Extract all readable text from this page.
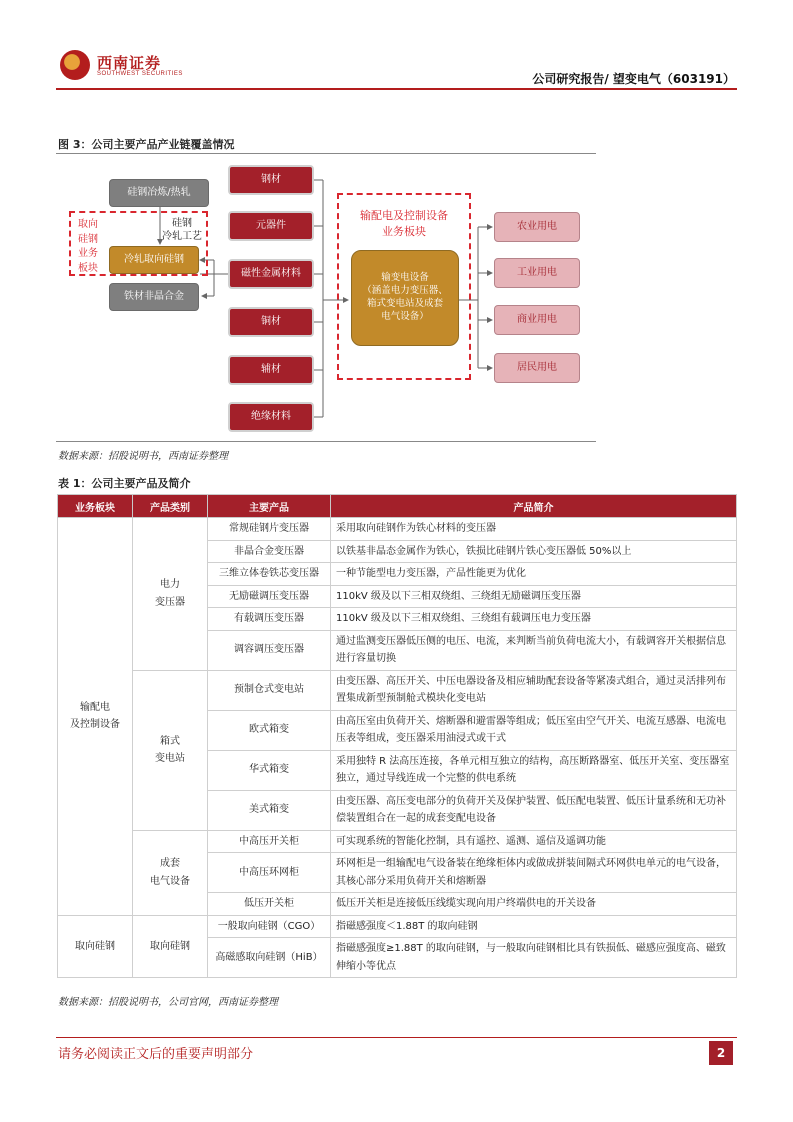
西南证券
SOUTHWEST SECURITIES	公司研究报告/ 望变电气（603191）
图 3：公司主要产品产业链覆盖情况
硅钢冶炼/热轧
取向
硅钢
业务
板块
硅钢
冷轧工艺
冷轧取向硅钢
铁材非晶合金
钢材
元器件
磁性金属材料
铜材
辅材
绝缘材料
输配电及控制设备
业务板块
输变电设备
（涵盖电力变压器、
箱式变电站及成套
电气设备）
农业用电
工业用电
商业用电
居民用电
数据来源：招股说明书，西南证券整理
表 1：公司主要产品及简介
业务板块	产品类别	主要产品	产品简介
输配电
及控制设备	电力
变压器	常规硅钢片变压器	采用取向硅钢作为铁心材料的变压器
		非晶合金变压器	以铁基非晶态金属作为铁心，铁损比硅钢片铁心变压器低 50%以上
		三维立体卷铁芯变压器	一种节能型电力变压器，产品性能更为优化
		无励磁调压变压器	110kV 级及以下三相双绕组、三绕组无励磁调压变压器
		有载调压变压器	110kV 级及以下三相双绕组、三绕组有载调压电力变压器
		调容调压变压器	通过监测变压器低压侧的电压、电流，来判断当前负荷电流大小，有载调容开关根据信息进行容量切换
	箱式
变电站	预制仓式变电站	由变压器、高压开关、中压电器设备及相应辅助配套设备等紧凑式组合，通过灵活排列布置集成新型预制舱式模块化变电站
		欧式箱变	由高压室由负荷开关、熔断器和避雷器等组成；低压室由空气开关、电流互感器、电流电压表等组成，变压器采用油浸式或干式
		华式箱变	采用独特 R 法高压连接，各单元相互独立的结构，高压断路器室、低压开关室、变压器室独立，通过导线连成一个完整的供电系统
		美式箱变	由变压器、高压变电部分的负荷开关及保护装置、低压配电装置、低压计量系统和无功补偿装置组合在一起的成套变配电设备
	成套
电气设备	中高压开关柜	可实现系统的智能化控制，具有遥控、遥测、遥信及遥调功能
		中高压环网柜	环网柜是一组输配电气设备装在绝缘柜体内或做成拼装间隔式环网供电单元的电气设备，其核心部分采用负荷开关和熔断器
		低压开关柜	低压开关柜是连接低压线缆实现向用户终端供电的开关设备
取向硅钢	取向硅钢	一般取向硅钢（CGO）	指磁感强度＜1.88T 的取向硅钢
		高磁感取向硅钢（HiB）	指磁感强度≥1.88T 的取向硅钢，与一般取向硅钢相比具有铁损低、磁感应强度高、磁致伸缩小等优点
数据来源：招股说明书，公司官网，西南证券整理
请务必阅读正文后的重要声明部分	2
